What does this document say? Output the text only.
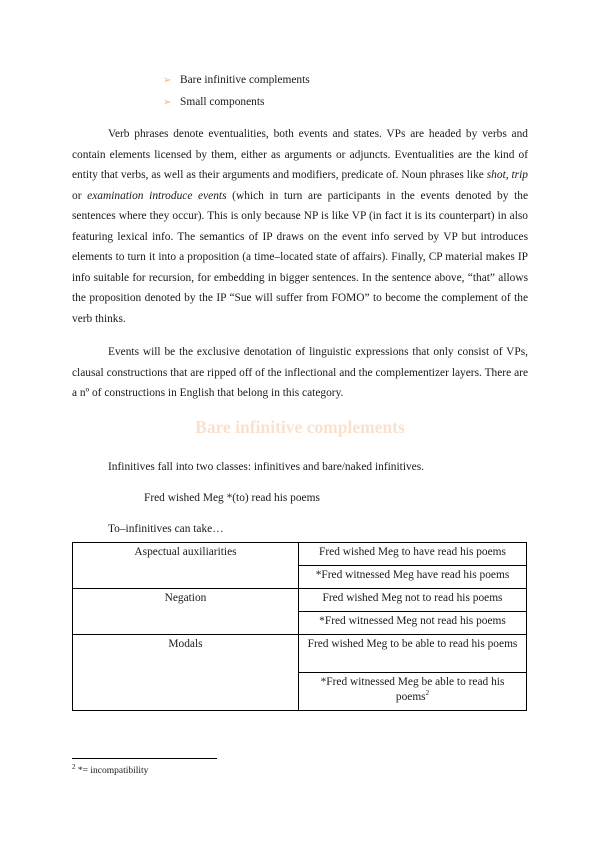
➢ Bare infinitive complements
➢ Small components
Verb phrases denote eventualities, both events and states. VPs are headed by verbs and contain elements licensed by them, either as arguments or adjuncts. Eventualities are the kind of entity that verbs, as well as their arguments and modifiers, predicate of. Noun phrases like shot, trip or examination introduce events (which in turn are participants in the events denoted by the sentences where they occur). This is only because NP is like VP (in fact it is its counterpart) in also featuring lexical info. The semantics of IP draws on the event info served by VP but introduces elements to turn it into a proposition (a time–located state of affairs). Finally, CP material makes IP info suitable for recursion, for embedding in bigger sentences. In the sentence above, “that” allows the proposition denoted by the IP “Sue will suffer from FOMO” to become the complement of the verb thinks.
Events will be the exclusive denotation of linguistic expressions that only consist of VPs, clausal constructions that are ripped off of the inflectional and the complementizer layers. There are a nº of constructions in English that belong in this category.
Bare infinitive complements
Infinitives fall into two classes: infinitives and bare/naked infinitives.
Fred wished Meg *(to) read his poems
To–infinitives can take…
Aspectual auxiliarities	Fred wished Meg to have read his poems
	*Fred witnessed Meg have read his poems
Negation	Fred wished Meg not to read his poems
	*Fred witnessed Meg not read his poems
Modals	Fred wished Meg to be able to read his poems
	*Fred witnessed Meg be able to read his poems$^2$
$^2$ *= incompatibility
